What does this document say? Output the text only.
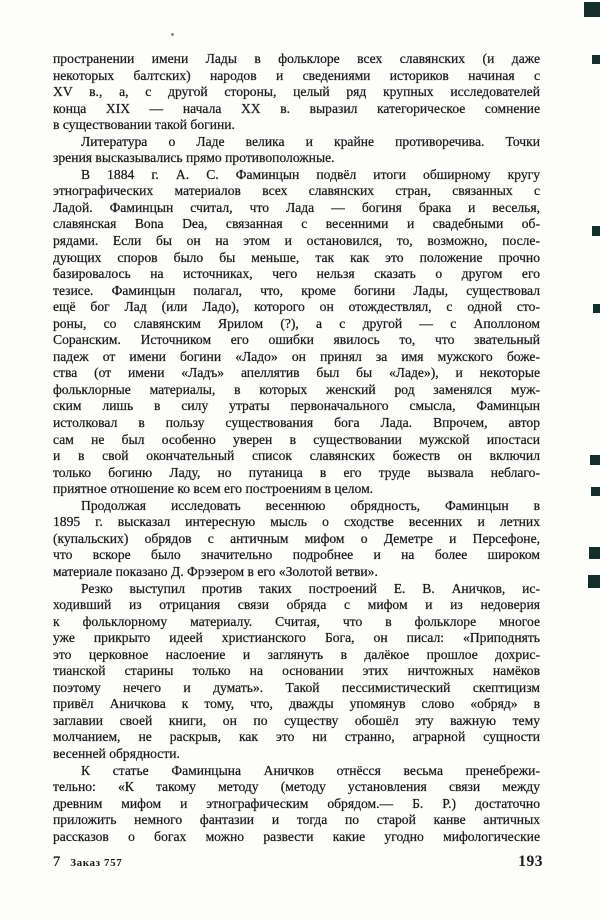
пространении имени Лады в фольклоре всех славянских (и даже
некоторых балтских) народов и сведениями историков начиная с
XV в., а, с другой стороны, целый ряд крупных исследователей
конца XIX — начала XX в. выразил категорическое сомнение
в существовании такой богини.
Литература о Ладе велика и крайне противоречива. Точки
зрения высказывались прямо противоположные.
В 1884 г. А. С. Фаминцын подвёл итоги обширному кругу
этнографических материалов всех славянских стран, связанных с
Ладой. Фаминцын считал, что Лада — богиня брака и веселья,
славянская Bona Dea, связанная с весенними и свадебными об-
рядами. Если бы он на этом и остановился, то, возможно, после-
дующих споров было бы меньше, так как это положение прочно
базировалось на источниках, чего нельзя сказать о другом его
тезисе. Фаминцын полагал, что, кроме богини Лады, существовал
ещё бог Лад (или Ладо), которого он отождествлял, с одной сто-
роны, со славянским Ярилом (?), а с другой — с Аполлоном
Соранским. Источником его ошибки явилось то, что звательный
падеж от имени богини «Ладо» он принял за имя мужского боже-
ства (от имени «Ладъ» апеллятив был бы «Ладе»), и некоторые
фольклорные материалы, в которых женский род заменялся муж-
ским лишь в силу утраты первоначального смысла, Фаминцын
истолковал в пользу существования бога Лада. Впрочем, автор
сам не был особенно уверен в существовании мужской ипостаси
и в свой окончательный список славянских божеств он включил
только богиню Ладу, но путаница в его труде вызвала неблаго-
приятное отношение ко всем его построениям в целом.
Продолжая исследовать весеннюю обрядность, Фаминцын в
1895 г. высказал интересную мысль о сходстве весенних и летних
(купальских) обрядов с античным мифом о Деметре и Персефоне,
что вскоре было значительно подробнее и на более широком
материале показано Д. Фрэзером в его «Золотой ветви».
Резко выступил против таких построений Е. В. Аничков, ис-
ходивший из отрицания связи обряда с мифом и из недоверия
к фольклорному материалу. Считая, что в фольклоре многое
уже прикрыто идеей христианского Бога, он писал: «Приподнять
это церковное наслоение и заглянуть в далёкое прошлое дохрис-
тианской старины только на основании этих ничтожных намёков
поэтому нечего и думать». Такой пессимистический скептицизм
привёл Аничкова к тому, что, дважды упомянув слово «обряд» в
заглавии своей книги, он по существу обошёл эту важную тему
молчанием, не раскрыв, как это ни странно, аграрной сущности
весенней обрядности.
К статье Фаминцына Аничков отнёсся весьма пренебрежи-
тельно: «К такому методу (методу установления связи между
древним мифом и этнографическим обрядом.— Б. Р.) достаточно
приложить немного фантазии и тогда по старой канве античных
рассказов о богах можно развести какие угодно мифологические
7 Заказ 757	193
